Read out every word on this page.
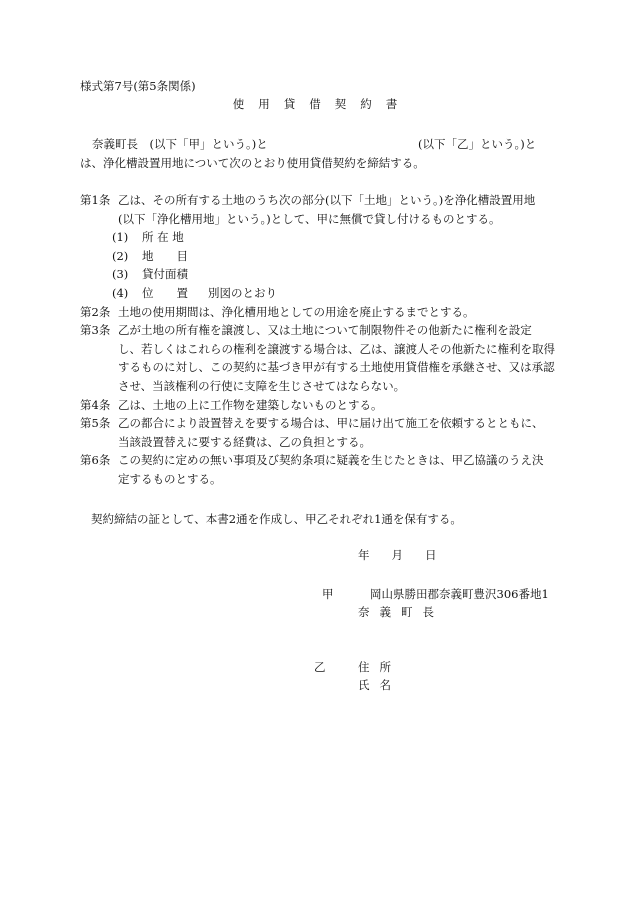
様式第7号(第5条関係)
使用貸借契約書
奈義町長　(以下「甲」という。)と	(以下「乙」という。)と
は、浄化槽設置用地について次のとおり使用貸借契約を締結する。
第1条 乙は、その所有する土地のうち次の部分(以下「土地」という。)を浄化槽設置用地
(以下「浄化槽用地」という。)として、甲に無償で貸し付けるものとする。
(1)	所 在 地
(2)	地　　目
(3)	貸付面積
(4)	位　　置	別図のとおり
第2条 土地の使用期間は、浄化槽用地としての用途を廃止するまでとする。
第3条 乙が土地の所有権を譲渡し、又は土地について制限物件その他新たに権利を設定
し、若しくはこれらの権利を譲渡する場合は、乙は、譲渡人その他新たに権利を取得
するものに対し、この契約に基づき甲が有する土地使用貸借権を承継させ、又は承認
させ、当該権利の行使に支障を生じさせてはならない。
第4条 乙は、土地の上に工作物を建築しないものとする。
第5条 乙の都合により設置替えを要する場合は、甲に届け出て施工を依頼するとともに、
当該設置替えに要する経費は、乙の負担とする。
第6条 この契約に定めの無い事項及び契約条項に疑義を生じたときは、甲乙協議のうえ決
定するものとする。
契約締結の証として、本書2通を作成し、甲乙それぞれ1通を保有する。
年 月 日
甲	岡山県勝田郡奈義町豊沢306番地1
奈義町長
乙	住所
氏名
